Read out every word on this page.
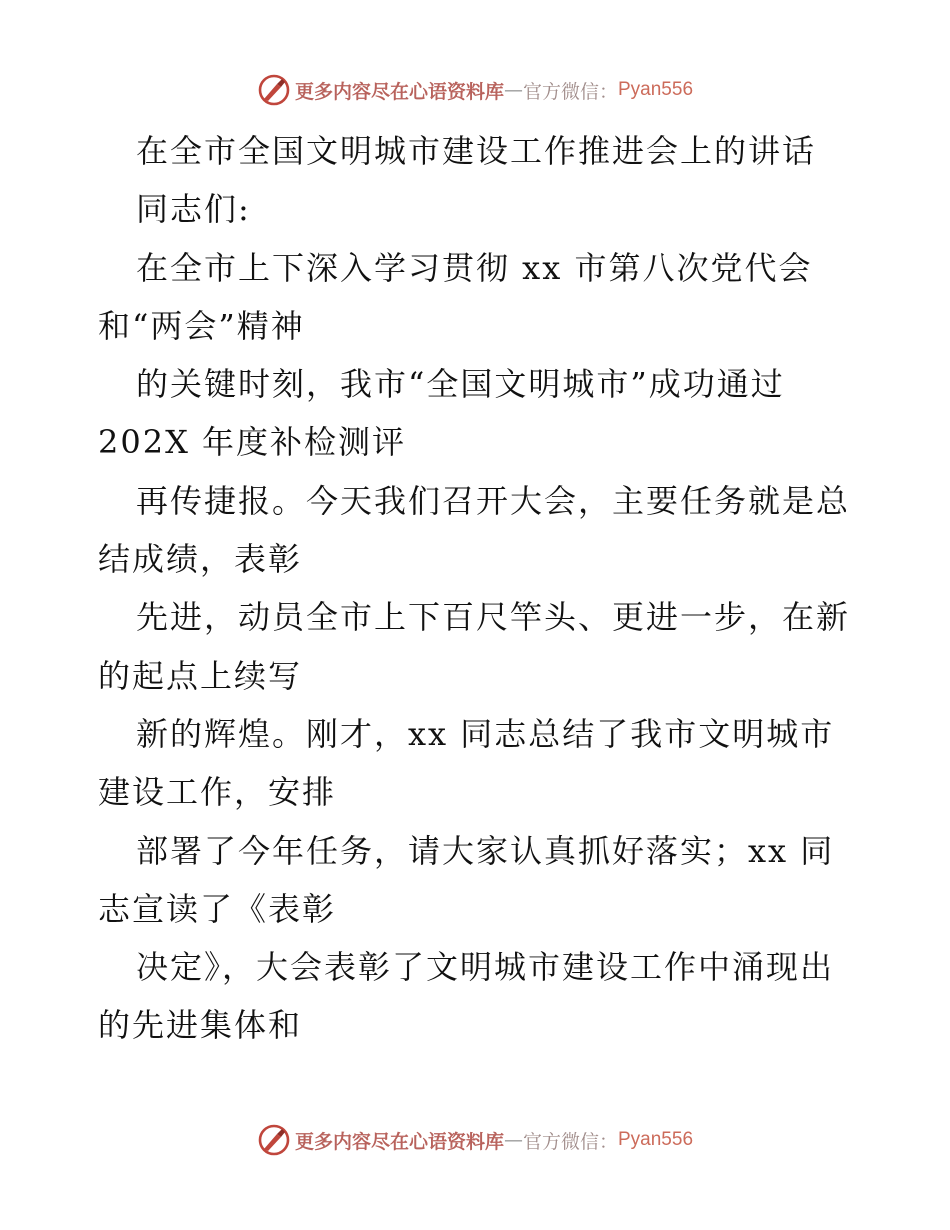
更多内容尽在心语资料库 — 官方微信： Pyan556
在全市全国文明城市建设工作推进会上的讲话
同志们:
在全市上下深入学习贯彻 xx 市第八次党代会
和“两会”精神
的关键时刻，我市“全国文明城市”成功通过
202X 年度补检测评
再传捷报。今天我们召开大会，主要任务就是总
结成绩，表彰
先进，动员全市上下百尺竿头、更进一步，在新
的起点上续写
新的辉煌。刚才，xx 同志总结了我市文明城市
建设工作，安排
部署了今年任务，请大家认真抓好落实；xx 同
志宣读了《表彰
决定》，大会表彰了文明城市建设工作中涌现出
的先进集体和
更多内容尽在心语资料库 — 官方微信： Pyan556
